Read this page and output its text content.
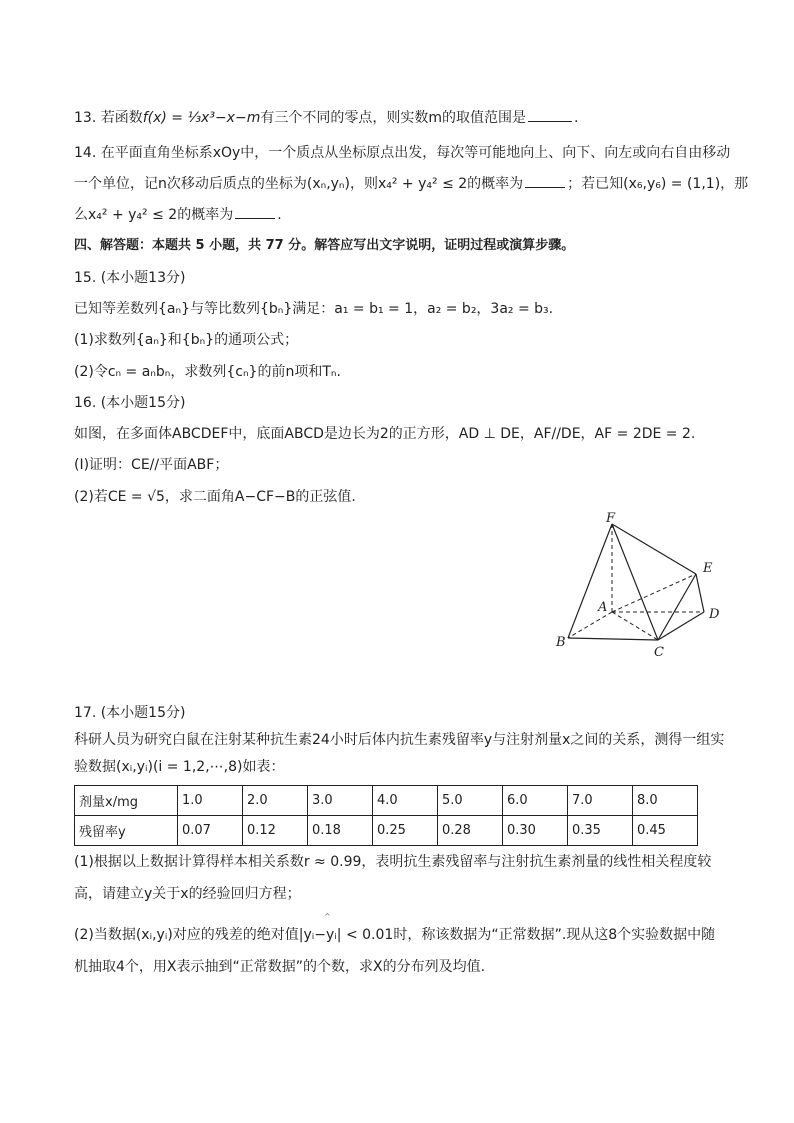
13. 若函数f(x) = ⅓x³−x−m有三个不同的零点，则实数m的取值范围是	.
14. 在平面直角坐标系xOy中，一个质点从坐标原点出发，每次等可能地向上、向下、向左或向右自由移动
一个单位，记n次移动后质点的坐标为(xₙ,yₙ)，则x₄² + y₄² ≤ 2的概率为	；若已知(x₆,y₆) = (1,1)，那
么x₄² + y₄² ≤ 2的概率为	.
四、解答题：本题共 5 小题，共 77 分。解答应写出文字说明，证明过程或演算步骤。
15. (本小题13分)
已知等差数列{aₙ}与等比数列{bₙ}满足：a₁ = b₁ = 1，a₂ = b₂，3a₂ = b₃.
(1)求数列{aₙ}和{bₙ}的通项公式；
(2)令cₙ = aₙbₙ，求数列{cₙ}的前n项和Tₙ.
16. (本小题15分)
如图，在多面体ABCDEF中，底面ABCD是边长为2的正方形，AD ⊥ DE，AF//DE，AF = 2DE = 2.
(I)证明：CE//平面ABF；
(2)若CE = √5，求二面角A−CF−B的正弦值.
F
E
A	D
B
C
17. (本小题15分)
科研人员为研究白鼠在注射某种抗生素24小时后体内抗生素残留率y与注射剂量x之间的关系，测得一组实
验数据(xᵢ,yᵢ)(i = 1,2,⋯,8)如表：
剂量x/mg	1.0	2.0	3.0	4.0	5.0	6.0	7.0	8.0
残留率y	0.07	0.12	0.18	0.25	0.28	0.30	0.35	0.45
(1)根据以上数据计算得样本相关系数r ≈ 0.99，表明抗生素残留率与注射抗生素剂量的线性相关程度较
高，请建立y关于x的经验回归方程；
^
(2)当数据(xᵢ,yᵢ)对应的残差的绝对值|yᵢ−yᵢ| < 0.01时，称该数据为“正常数据”.现从这8个实验数据中随
机抽取4个，用X表示抽到“正常数据”的个数，求X的分布列及均值.
